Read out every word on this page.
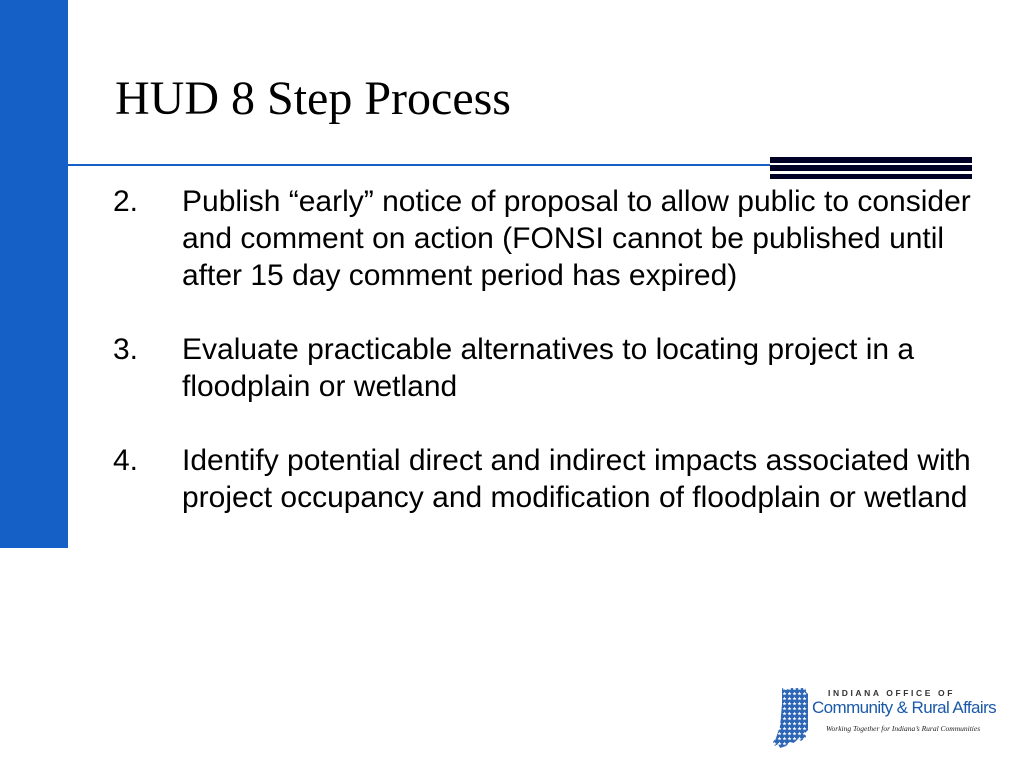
HUD 8 Step Process
2. Publish “early” notice of proposal to allow public to consider and comment on action (FONSI cannot be published until after 15 day comment period has expired)
3. Evaluate practicable alternatives to locating project in a floodplain or wetland
4. Identify potential direct and indirect impacts associated with project occupancy and modification of floodplain or wetland
INDIANA OFFICE OF
Community & Rural Affairs
Working Together for Indiana’s Rural Communities
